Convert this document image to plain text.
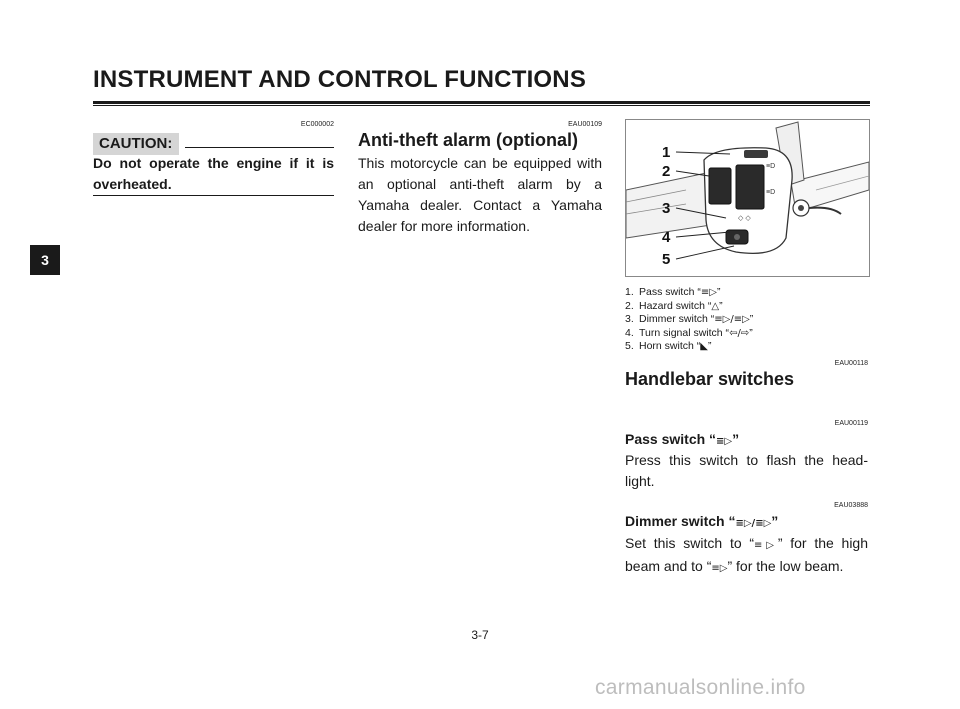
INSTRUMENT AND CONTROL FUNCTIONS
3
EC000002
CAUTION:
Do not operate the engine if it is overheated.
EAU00109
Anti-theft alarm (optional)
This motorcycle can be equipped with an optional anti-theft alarm by a Yamaha dealer. Contact a Yamaha dealer for more information.
≡D
≡D
◇ ◇
1
2
3
4
5
1. Pass switch “≡▷”
2. Hazard switch “△”
3. Dimmer switch “≡▷/≡▷”
4. Turn signal switch “⇦/⇨”
5. Horn switch “◣”
EAU00118
Handlebar switches
EAU00119
Pass switch “≡▷”
Press this switch to flash the head-light.
EAU03888
Dimmer switch “≡▷/≡▷”
Set this switch to “≡▷” for the high beam and to “≡▷” for the low beam.
3-7
carmanualsonline.info
